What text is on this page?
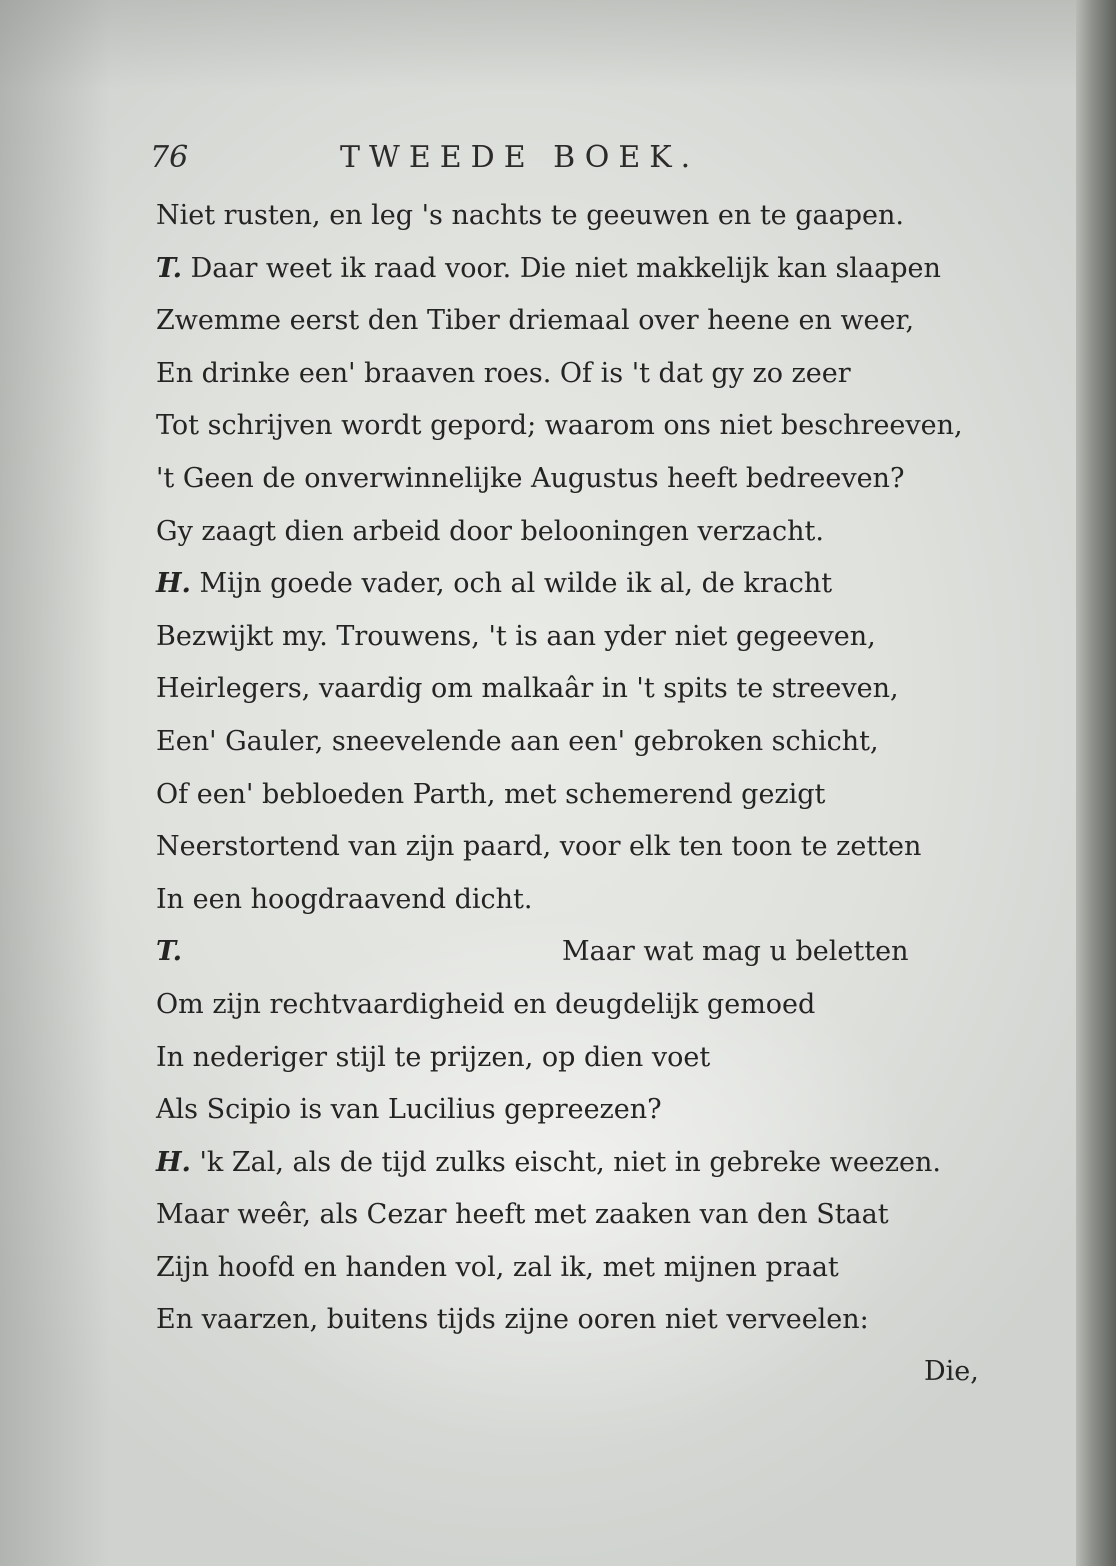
76	TWEEDE BOEK.
Niet rusten, en leg 's nachts te geeuwen en te gaapen.
T. Daar weet ik raad voor. Die niet makkelijk kan slaapen
Zwemme eerst den Tiber driemaal over heene en weer,
En drinke een' braaven roes. Of is 't dat gy zo zeer
Tot schrijven wordt gepord; waarom ons niet beschreeven,
't Geen de onverwinnelijke Augustus heeft bedreeven?
Gy zaagt dien arbeid door belooningen verzacht.
H. Mijn goede vader, och al wilde ik al, de kracht
Bezwijkt my. Trouwens, 't is aan yder niet gegeeven,
Heirlegers, vaardig om malkaâr in 't spits te streeven,
Een' Gauler, sneevelende aan een' gebroken schicht,
Of een' bebloeden Parth, met schemerend gezigt
Neerstortend van zijn paard, voor elk ten toon te zetten
In een hoogdraavend dicht.
T.	Maar wat mag u beletten
Om zijn rechtvaardigheid en deugdelijk gemoed
In nederiger stijl te prijzen, op dien voet
Als Scipio is van Lucilius gepreezen?
H. 'k Zal, als de tijd zulks eischt, niet in gebreke weezen.
Maar weêr, als Cezar heeft met zaaken van den Staat
Zijn hoofd en handen vol, zal ik, met mijnen praat
En vaarzen, buitens tijds zijne ooren niet verveelen:
Die,
